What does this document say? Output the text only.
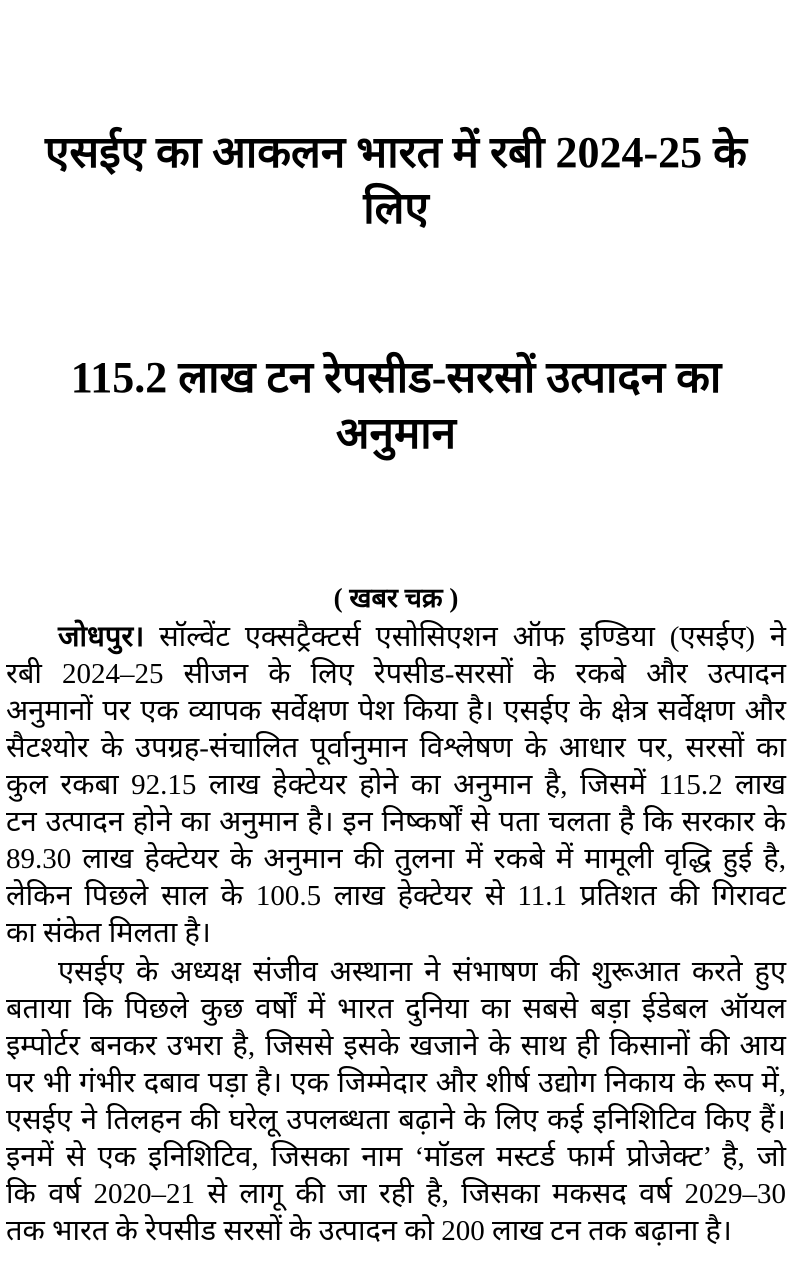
एसईए का आकलन भारत में रबी 2024-25 के लिए

115.2 लाख टन रेपसीड-सरसों उत्पादन का  अनुमान

( खबर चक्र )

जोधपुर। सॉल्वेंट एक्सट्रैक्टर्स एसोसिएशन ऑफ इण्डिया (एसईए) ने
रबी 2024–25 सीजन के लिए रेपसीड-सरसों के रकबे और उत्पादन
अनुमानों पर एक व्यापक सर्वेक्षण पेश किया है। एसईए के क्षेत्र सर्वेक्षण और
सैटश्योर के उपग्रह-संचालित पूर्वानुमान विश्लेषण के आधार पर, सरसों का
कुल रकबा 92.15 लाख हेक्टेयर होने का अनुमान है, जिसमें 115.2 लाख
टन उत्पादन होने का अनुमान है। इन निष्कर्षों से पता चलता है कि सरकार के
89.30 लाख हेक्टेयर के अनुमान की तुलना में रकबे में मामूली वृद्धि हुई है,
लेकिन पिछले साल के 100.5 लाख हेक्टेयर से 11.1 प्रतिशत की गिरावट
का संकेत मिलता है।

एसईए के अध्यक्ष संजीव अस्थाना ने संभाषण की शुरूआत करते हुए
बताया कि पिछले कुछ वर्षों में भारत दुनिया का सबसे बड़ा ईडेबल ऑयल
इम्पोर्टर बनकर उभरा है, जिससे इसके खजाने के साथ ही किसानों की आय
पर भी गंभीर दबाव पड़ा है। एक जिम्मेदार और शीर्ष उद्योग निकाय के रूप में,
एसईए ने तिलहन की घरेलू उपलब्धता बढ़ाने के लिए कई इनिशिटिव किए हैं।
इनमें से एक इनिशिटिव, जिसका नाम ‘मॉडल मस्टर्ड फार्म प्रोजेक्ट’ है, जो
कि वर्ष 2020–21 से लागू की जा रही है, जिसका मकसद वर्ष 2029–30
तक भारत के रेपसीड सरसों के उत्पादन को 200 लाख टन तक बढ़ाना है।
